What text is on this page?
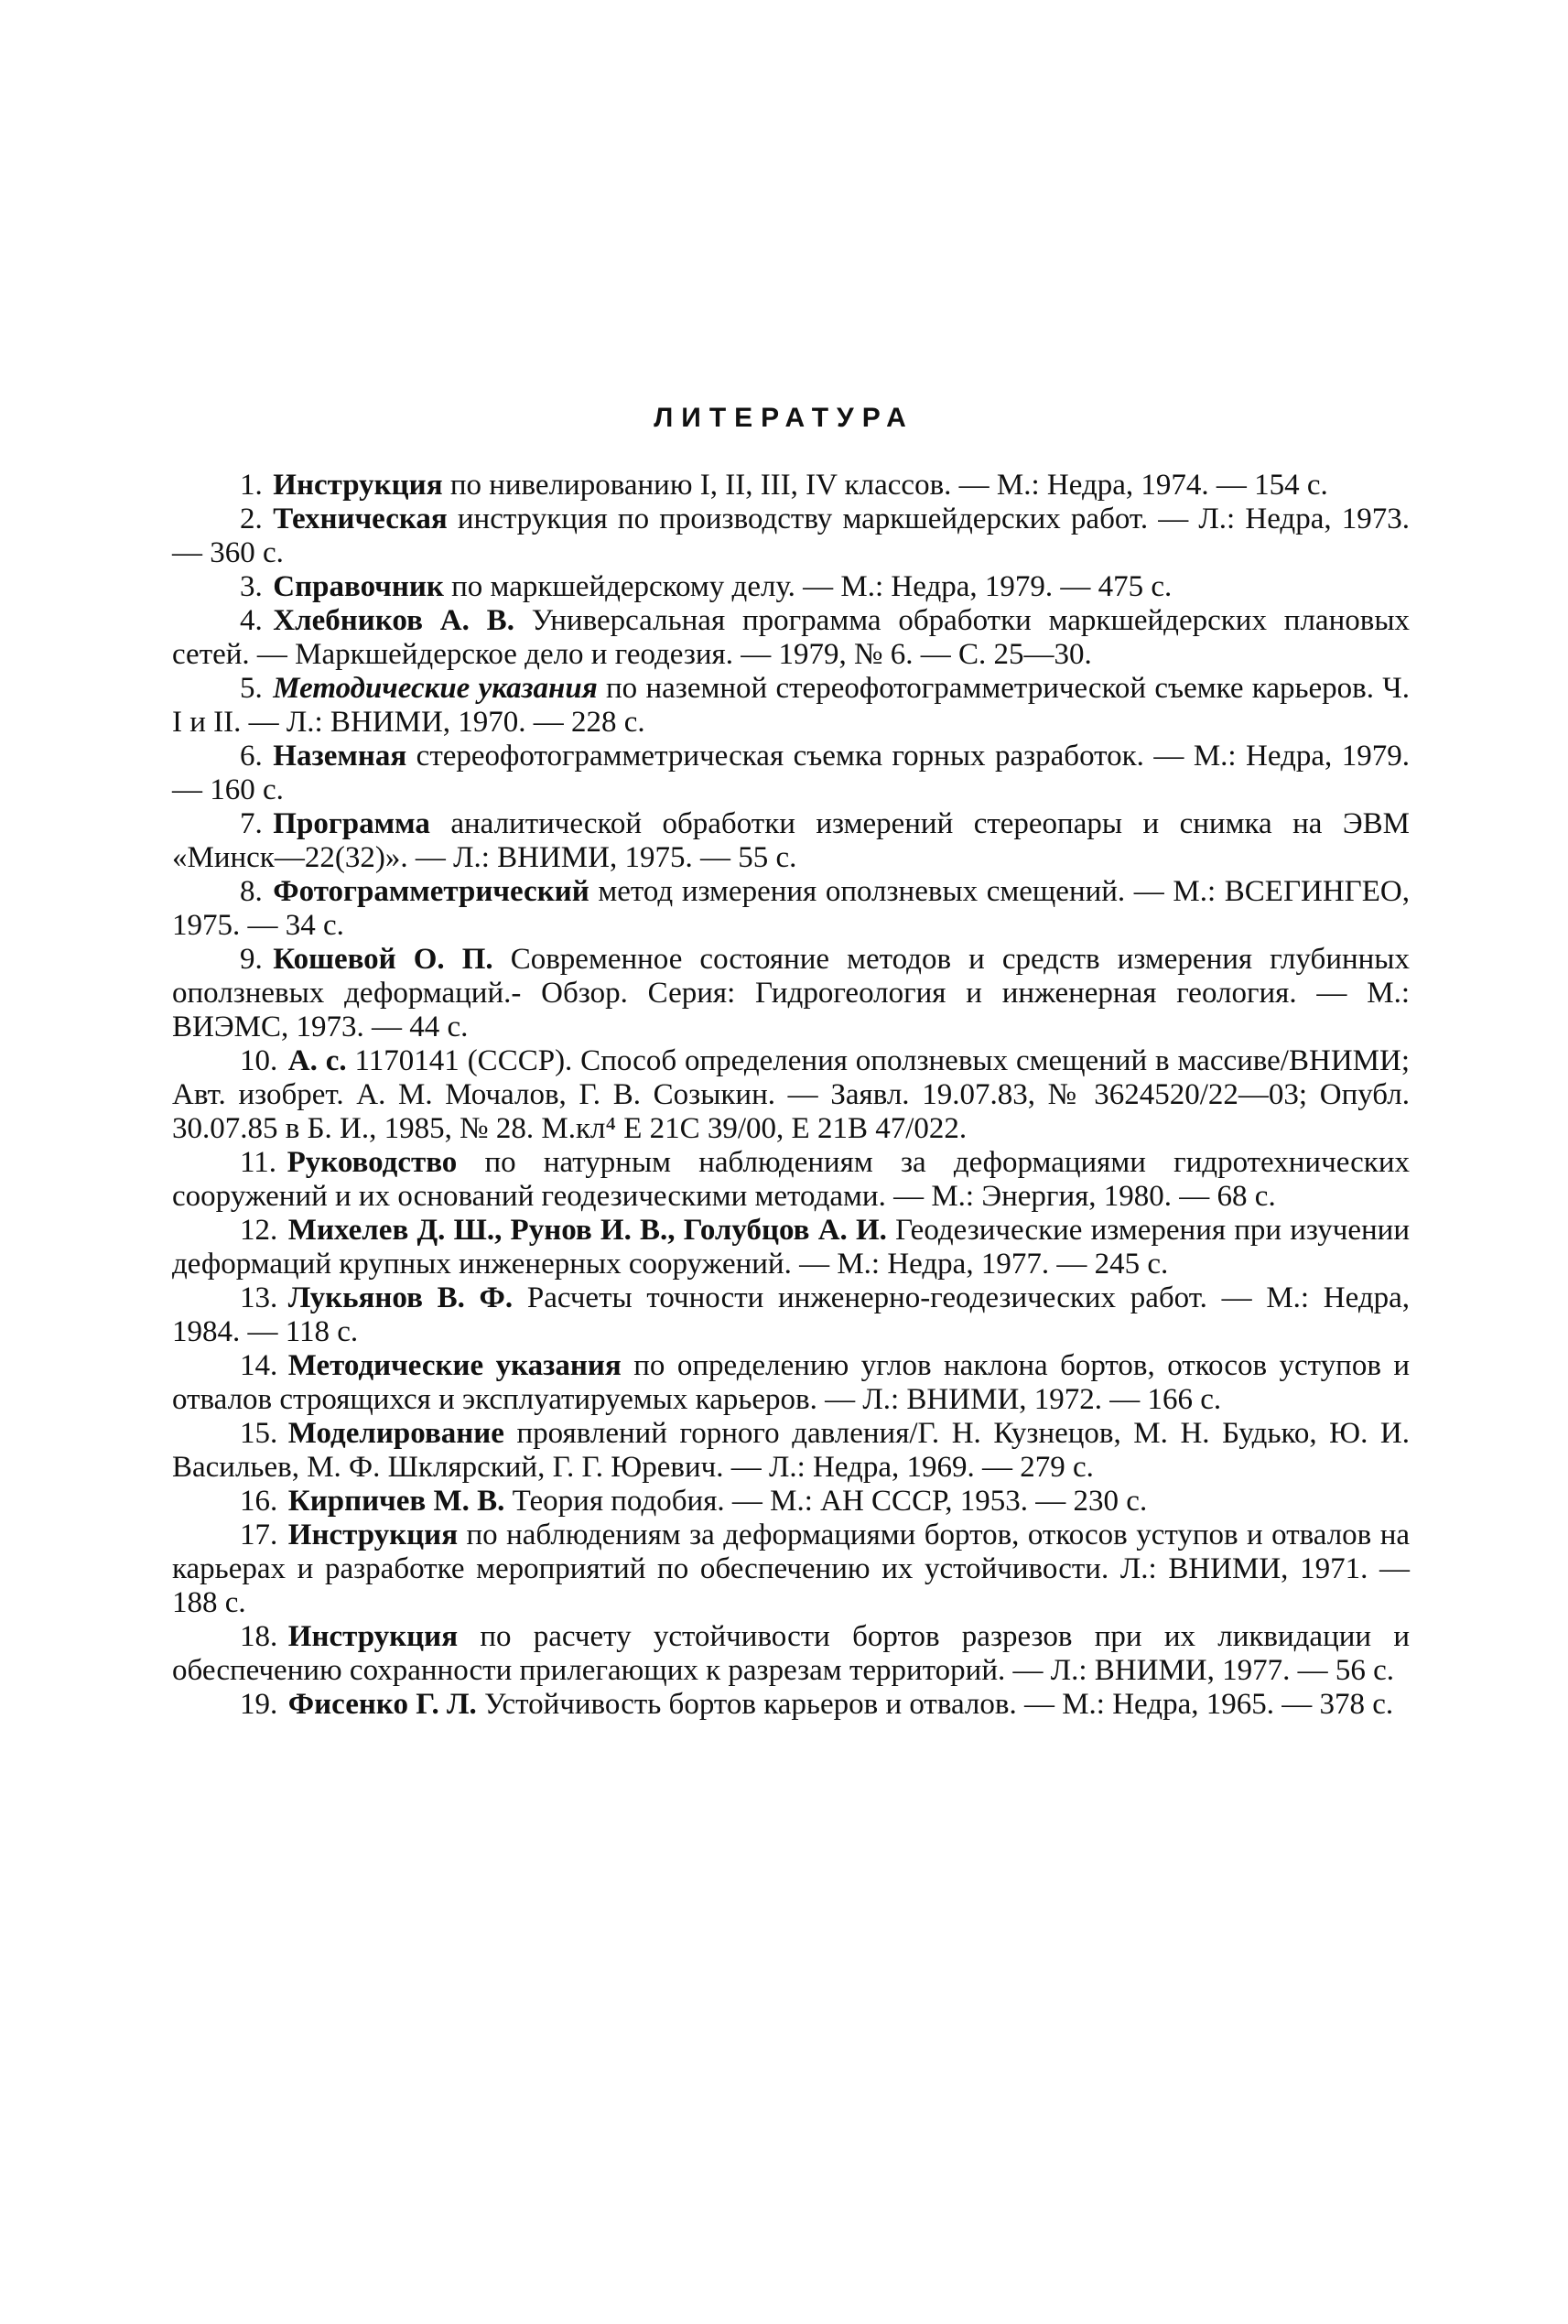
ЛИТЕРАТУРА
1. Инструкция по нивелированию I, II, III, IV классов. — М.: Недра, 1974. — 154 с.
2. Техническая инструкция по производству маркшейдерских работ. — Л.: Недра, 1973. — 360 с.
3. Справочник по маркшейдерскому делу. — М.: Недра, 1979. — 475 с.
4. Хлебников А. В. Универсальная программа обработки маркшейдерских плановых сетей. — Маркшейдерское дело и геодезия. — 1979, № 6. — С. 25—30.
5. Методические указания по наземной стереофотограмметрической съемке карьеров. Ч. I и II. — Л.: ВНИМИ, 1970. — 228 с.
6. Наземная стереофотограмметрическая съемка горных разработок. — М.: Недра, 1979. — 160 с.
7. Программа аналитической обработки измерений стереопары и снимка на ЭВМ «Минск—22(32)». — Л.: ВНИМИ, 1975. — 55 с.
8. Фотограмметрический метод измерения оползневых смещений. — М.: ВСЕГИНГЕО, 1975. — 34 с.
9. Кошевой О. П. Современное состояние методов и средств измерения глубинных оползневых деформаций.- Обзор. Серия: Гидрогеология и инженерная геология. — М.: ВИЭМС, 1973. — 44 с.
10. А. с. 1170141 (СССР). Способ определения оползневых смещений в массиве/ВНИМИ; Авт. изобрет. А. М. Мочалов, Г. В. Созыкин. — Заявл. 19.07.83, № 3624520/22—03; Опубл. 30.07.85 в Б. И., 1985, № 28. М.кл⁴ Е 21С 39/00, Е 21В 47/022.
11. Руководство по натурным наблюдениям за деформациями гидротехнических сооружений и их оснований геодезическими методами. — М.: Энергия, 1980. — 68 с.
12. Михелев Д. Ш., Рунов И. В., Голубцов А. И. Геодезические измерения при изучении деформаций крупных инженерных сооружений. — М.: Недра, 1977. — 245 с.
13. Лукьянов В. Ф. Расчеты точности инженерно-геодезических работ. — М.: Недра, 1984. — 118 с.
14. Методические указания по определению углов наклона бортов, откосов уступов и отвалов строящихся и эксплуатируемых карьеров. — Л.: ВНИМИ, 1972. — 166 с.
15. Моделирование проявлений горного давления/Г. Н. Кузнецов, М. Н. Будько, Ю. И. Васильев, М. Ф. Шклярский, Г. Г. Юревич. — Л.: Недра, 1969. — 279 с.
16. Кирпичев М. В. Теория подобия. — М.: АН СССР, 1953. — 230 с.
17. Инструкция по наблюдениям за деформациями бортов, откосов уступов и отвалов на карьерах и разработке мероприятий по обеспечению их устойчивости. Л.: ВНИМИ, 1971. — 188 с.
18. Инструкция по расчету устойчивости бортов разрезов при их ликвидации и обеспечению сохранности прилегающих к разрезам территорий. — Л.: ВНИМИ, 1977. — 56 с.
19. Фисенко Г. Л. Устойчивость бортов карьеров и отвалов. — М.: Недра, 1965. — 378 с.
